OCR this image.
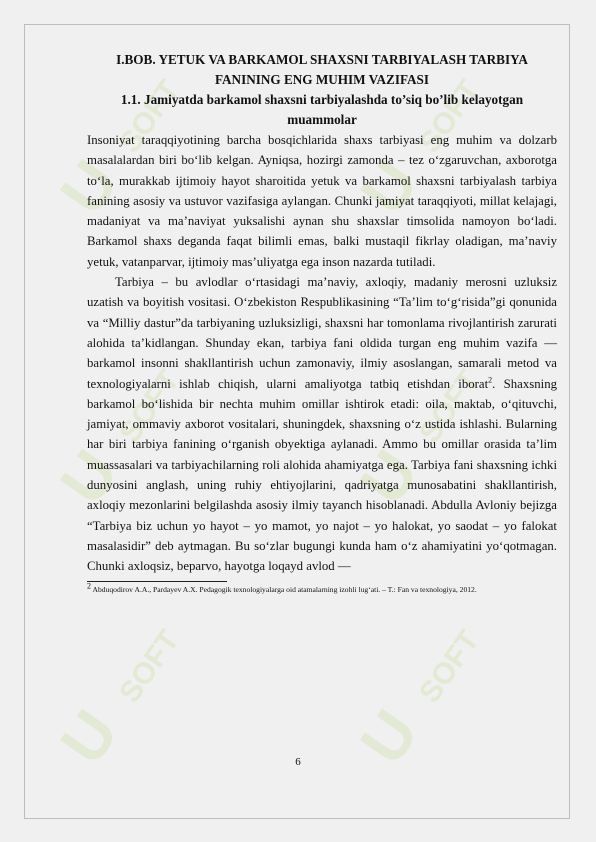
U
SOFT
U
SOFT
U
SOFT
U
SOFT
U
SOFT
U
SOFT

I.BOB. YETUK VA BARKAMOL SHAXSNI TARBIYALASH TARBIYA
FANINING ENG MUHIM VAZIFASI

1.1. Jamiyatda barkamol shaxsni tarbiyalashda to’siq bo’lib kelayotgan
muammolar

Insoniyat taraqqiyotining barcha bosqichlarida shaxs tarbiyasi eng muhim va dolzarb masalalardan biri bo‘lib kelgan. Ayniqsa, hozirgi zamonda – tez o‘zgaruvchan, axborotga to‘la, murakkab ijtimoiy hayot sharoitida yetuk va barkamol shaxsni tarbiyalash tarbiya fanining asosiy va ustuvor vazifasiga aylangan. Chunki jamiyat taraqqiyoti, millat kelajagi, madaniyat va ma’naviyat yuksalishi aynan shu shaxslar timsolida namoyon bo‘ladi. Barkamol shaxs deganda faqat bilimli emas, balki mustaqil fikrlay oladigan, ma’naviy yetuk, vatanparvar, ijtimoiy mas’uliyatga ega inson nazarda tutiladi.

Tarbiya – bu avlodlar o‘rtasidagi ma’naviy, axloqiy, madaniy merosni uzluksiz uzatish va boyitish vositasi. O‘zbekiston Respublikasining “Ta’lim to‘g‘risida”gi qonunida va “Milliy dastur”da tarbiyaning uzluksizligi, shaxsni har tomonlama rivojlantirish zarurati alohida ta’kidlangan. Shunday ekan, tarbiya fani oldida turgan eng muhim vazifa — barkamol insonni shakllantirish uchun zamonaviy, ilmiy asoslangan, samarali metod va texnologiyalarni ishlab chiqish, ularni amaliyotga tatbiq etishdan iborat$^2$. Shaxsning barkamol bo‘lishida bir nechta muhim omillar ishtirok etadi: oila, maktab, o‘qituvchi, jamiyat, ommaviy axborot vositalari, shuningdek, shaxsning o‘z ustida ishlashi. Bularning har biri tarbiya fanining o‘rganish obyektiga aylanadi. Ammo bu omillar orasida ta’lim muassasalari va tarbiyachilarning roli alohida ahamiyatga ega. Tarbiya fani shaxsning ichki dunyosini anglash, uning ruhiy ehtiyojlarini, qadriyatga munosabatini shakllantirish, axloqiy mezonlarini belgilashda asosiy ilmiy tayanch hisoblanadi. Abdulla Avloniy bejizga “Tarbiya biz uchun yo hayot – yo mamot, yo najot – yo halokat, yo saodat – yo falokat masalasidir” deb aytmagan. Bu so‘zlar bugungi kunda ham o‘z ahamiyatini yo‘qotmagan. Chunki axloqsiz, beparvo, hayotga loqayd avlod —

$^2$ Abduqodirov A.A., Pardayev A.X. Pedagogik texnologiyalarga oid atamalarning izohli lug‘ati. – T.: Fan va texnologiya, 2012.

6
